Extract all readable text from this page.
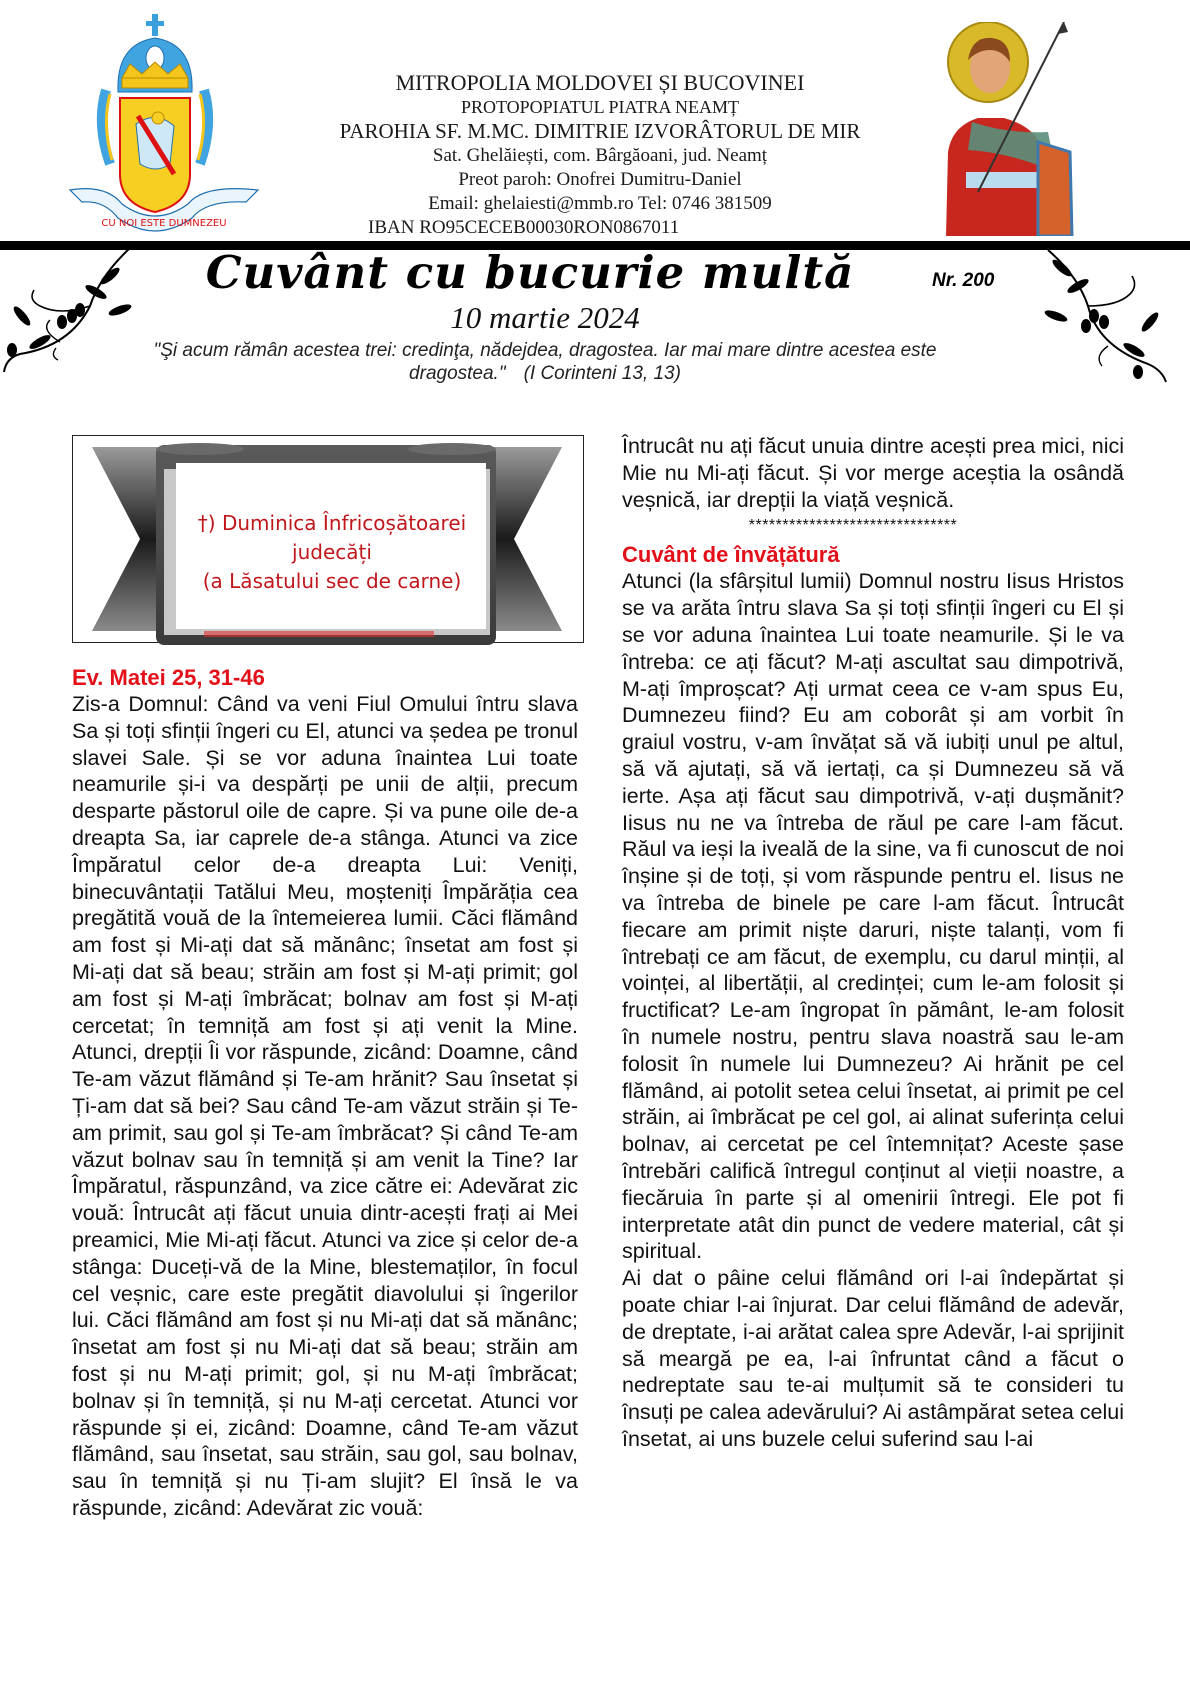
CU NOI ESTE DUMNEZEU
MITROPOLIA MOLDOVEI ȘI BUCOVINEI
PROTOPOPIATUL PIATRA NEAMȚ
PAROHIA SF. M.MC. DIMITRIE IZVORÂTORUL DE MIR
Sat. Ghelăiești, com. Bârgăoani, jud. Neamț
Preot paroh: Onofrei Dumitru-Daniel
Email: ghelaiesti@mmb.ro Tel: 0746 381509
IBAN RO95CECEB00030RON0867011
Cuvânt cu bucurie multă	Nr. 200
10 martie 2024
"Şi acum rămân acestea trei: credinţa, nădejdea, dragostea. Iar mai mare dintre acestea este dragostea." (I Corinteni 13, 13)
†) Duminica Înfricoșătoarei
judecăți
(a Lăsatului sec de carne)
Ev. Matei 25, 31-46

Zis-a Domnul: Când va veni Fiul Omului întru slava Sa și toți sfinții îngeri cu El, atunci va ședea pe tronul slavei Sale. Și se vor aduna înaintea Lui toate neamurile și-i va despărți pe unii de alții, precum desparte păstorul oile de capre. Și va pune oile de-a dreapta Sa, iar caprele de-a stânga. Atunci va zice Împăratul celor de-a dreapta Lui: Veniți, binecuvântații Tatălui Meu, moșteniți Împărăția cea pregătită vouă de la întemeierea lumii. Căci flămând am fost și Mi-ați dat să mănânc; însetat am fost și Mi-ați dat să beau; străin am fost și M-ați primit; gol am fost și M-ați îmbrăcat; bolnav am fost și M-ați cercetat; în temniță am fost și ați venit la Mine. Atunci, drepții Îi vor răspunde, zicând: Doamne, când Te-am văzut flămând și Te-am hrănit? Sau însetat și Ți-am dat să bei? Sau când Te-am văzut străin și Te-am primit, sau gol și Te-am îmbrăcat? Și când Te-am văzut bolnav sau în temniță și am venit la Tine? Iar Împăratul, răspunzând, va zice către ei: Adevărat zic vouă: Întrucât ați făcut unuia dintr-acești frați ai Mei preamici, Mie Mi-ați făcut. Atunci va zice și celor de-a stânga: Duceți-vă de la Mine, blestemaților, în focul cel veșnic, care este pregătit diavolului și îngerilor lui. Căci flămând am fost și nu Mi-ați dat să mănânc; însetat am fost și nu Mi-ați dat să beau; străin am fost și nu M-ați primit; gol, și nu M-ați îmbrăcat; bolnav și în temniță, și nu M-ați cercetat. Atunci vor răspunde și ei, zicând: Doamne, când Te-am văzut flămând, sau însetat, sau străin, sau gol, sau bolnav, sau în temniță și nu Ți-am slujit? El însă le va răspunde, zicând: Adevărat zic vouă:

Întrucât nu ați făcut unuia dintre acești prea mici, nici Mie nu Mi-ați făcut. Și vor merge aceștia la osândă veșnică, iar drepții la viață veșnică.

*******************************
Cuvânt de învățătură

Atunci (la sfârșitul lumii) Domnul nostru Iisus Hristos se va arăta întru slava Sa și toți sfinții îngeri cu El și se vor aduna înaintea Lui toate neamurile. Și le va întreba: ce ați făcut? M-ați ascultat sau dimpotrivă, M-ați împroșcat? Ați urmat ceea ce v-am spus Eu, Dumnezeu fiind? Eu am coborât și am vorbit în graiul vostru, v-am învățat să vă iubiți unul pe altul, să vă ajutați, să vă iertați, ca și Dumnezeu să vă ierte. Așa ați făcut sau dimpotrivă, v-ați dușmănit? Iisus nu ne va întreba de răul pe care l-am făcut. Răul va ieși la iveală de la sine, va fi cunoscut de noi înșine și de toți, și vom răspunde pentru el. Iisus ne va întreba de binele pe care l-am făcut. Întrucât fiecare am primit niște daruri, niște talanți, vom fi întrebați ce am făcut, de exemplu, cu darul minții, al voinței, al libertății, al credinței; cum le-am folosit și fructificat? Le-am îngropat în pământ, le-am folosit în numele nostru, pentru slava noastră sau le-am folosit în numele lui Dumnezeu? Ai hrănit pe cel flămând, ai potolit setea celui însetat, ai primit pe cel străin, ai îmbrăcat pe cel gol, ai alinat suferința celui bolnav, ai cercetat pe cel întemnițat? Aceste șase întrebări califică întregul conținut al vieții noastre, a fiecăruia în parte și al omenirii întregi. Ele pot fi interpretate atât din punct de vedere material, cât și spiritual.

Ai dat o pâine celui flămând ori l-ai îndepărtat și poate chiar l-ai înjurat. Dar celui flămând de adevăr, de dreptate, i-ai arătat calea spre Adevăr, l-ai sprijinit să meargă pe ea, l-ai înfruntat când a făcut o nedreptate sau te-ai mulțumit să te consideri tu însuți pe calea adevărului? Ai astâmpărat setea celui însetat, ai uns buzele celui suferind sau l-ai
